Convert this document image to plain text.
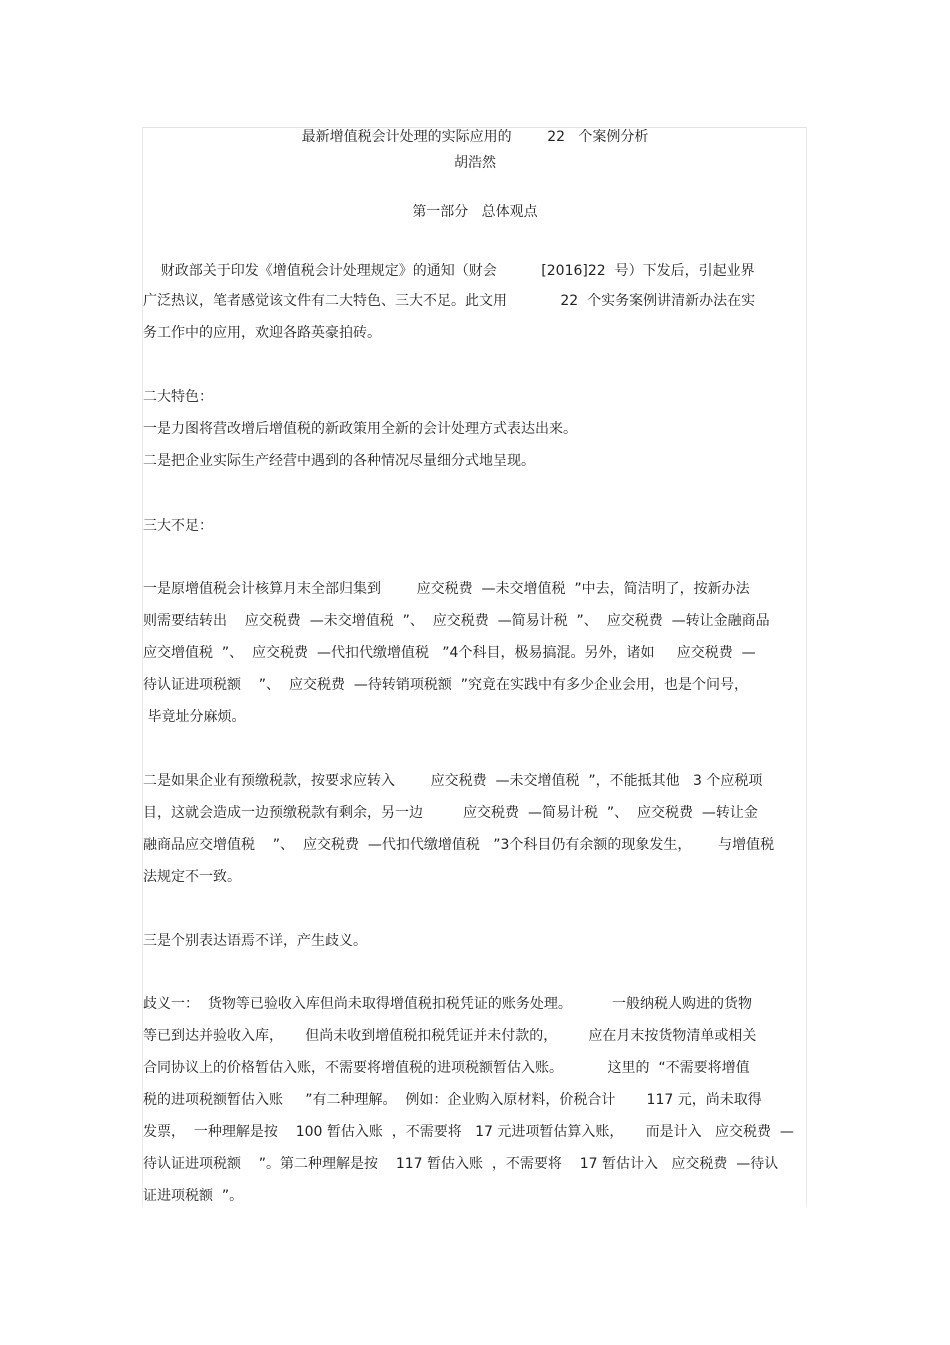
最新增值税会计处理的实际应用的        22   个案例分析
胡浩然
第一部分   总体观点
财政部关于印发《增值税会计处理规定》的通知（财会          [2016]22  号）下发后，引起业界
广泛热议，笔者感觉该文件有二大特色、三大不足。此文用            22  个实务案例讲清新办法在实
务工作中的应用，欢迎各路英豪拍砖。
二大特色：
一是力图将营改增后增值税的新政策用全新的会计处理方式表达出来。
二是把企业实际生产经营中遇到的各种情况尽量细分式地呈现。
三大不足：
一是原增值税会计核算月末全部归集到        应交税费  —未交增值税  ”中去，简洁明了，按新办法
则需要结转出    应交税费  —未交增值税  ”、  应交税费  —简易计税  ”、  应交税费  —转让金融商品
应交增值税  ”、  应交税费  —代扣代缴增值税   ”4个科目，极易搞混。另外，诸如     应交税费  —
待认证进项税额    ”、  应交税费  —待转销项税额  ”究竟在实践中有多少企业会用，也是个问号，
毕竟址分麻烦。
二是如果企业有预缴税款，按要求应转入        应交税费  —未交增值税  ”，不能抵其他   3 个应税项
目，这就会造成一边预缴税款有剩余，另一边         应交税费  —简易计税  ”、  应交税费  —转让金
融商品应交增值税    ”、  应交税费  —代扣代缴增值税   ”3个科目仍有余额的现象发生，      与增值税
法规定不一致。
三是个别表达语焉不详，产生歧义。
歧义一：  货物等已验收入库但尚未取得增值税扣税凭证的账务处理。         一般纳税人购进的货物
等已到达并验收入库，     但尚未收到增值税扣税凭证并未付款的，       应在月末按货物清单或相关
合同协议上的价格暂估入账，不需要将增值税的进项税额暂估入账。          这里的  “不需要将增值
税的进项税额暂估入账     ”有二种理解。  例如：企业购入原材料，价税合计       117 元，尚未取得
发票，  一种理解是按    100 暂估入账  ，不需要将   17 元进项暂估算入账，     而是计入   应交税费  —
待认证进项税额    ”。第二种理解是按    117 暂估入账  ，不需要将    17 暂估计入   应交税费  —待认
证进项税额  ”。
